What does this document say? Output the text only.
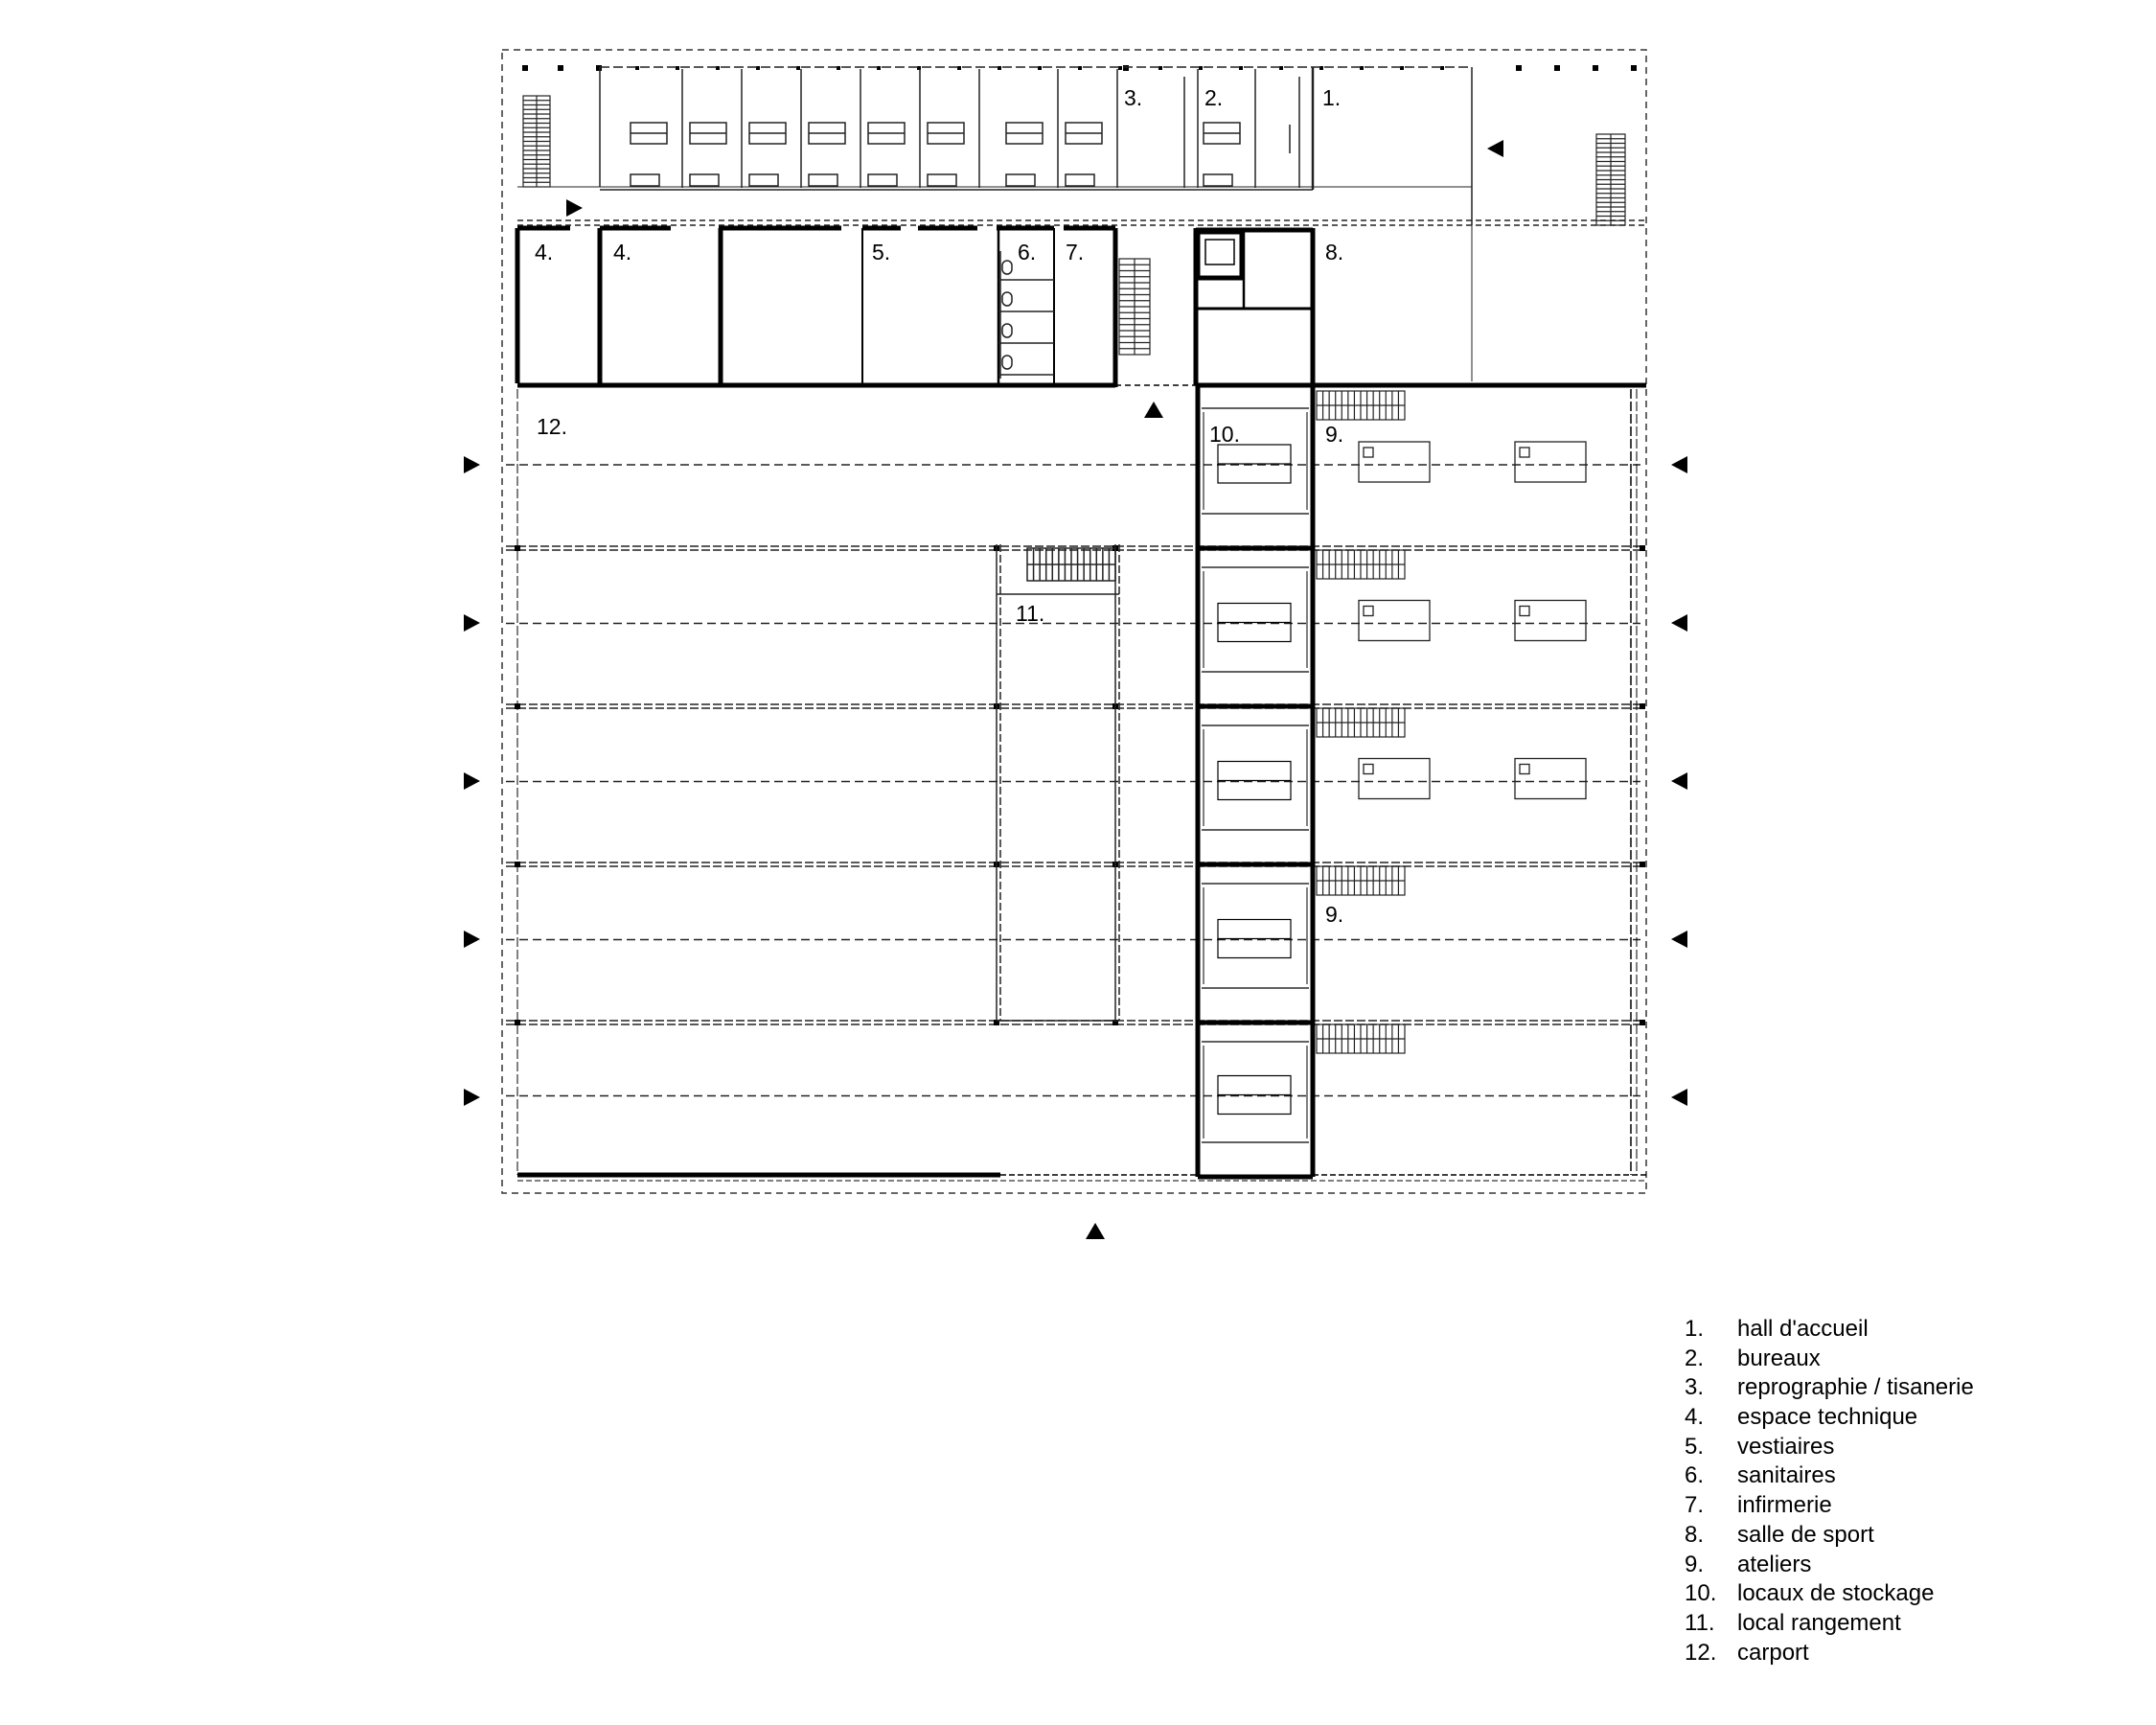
1.
2.
3.
4.	4.	5.	6. 7.	8.
9.
9.
10.
11.
12.
1.	hall d'accueil
2.	bureaux
3.	reprographie / tisanerie
4.	espace technique
5.	vestiaires
6.	sanitaires
7.	infirmerie
8.	salle de sport
9.	ateliers
10. locaux de stockage
11. local rangement
12. carport
